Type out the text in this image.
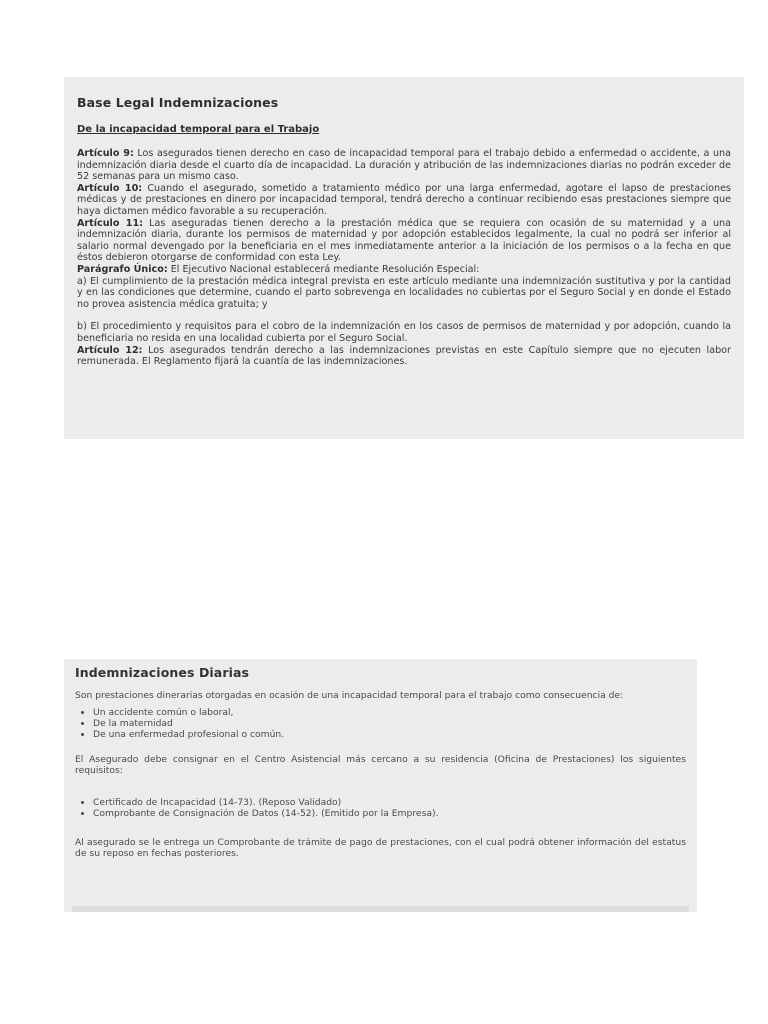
Base Legal Indemnizaciones
De la incapacidad temporal para el Trabajo

Artículo 9: Los asegurados tienen derecho en caso de incapacidad temporal para el trabajo debido a enfermedad o accidente, a una indemnización diaria desde el cuarto día de incapacidad. La duración y atribución de las indemnizaciones diarias no podrán exceder de 52 semanas para un mismo caso.

Artículo 10: Cuando el asegurado, sometido a tratamiento médico por una larga enfermedad, agotare el lapso de prestaciones médicas y de prestaciones en dinero por incapacidad temporal, tendrá derecho a continuar recibiendo esas prestaciones siempre que haya dictamen médico favorable a su recuperación.

Artículo 11: Las aseguradas tienen derecho a la prestación médica que se requiera con ocasión de su maternidad y a una indemnización diaria, durante los permisos de maternidad y por adopción establecidos legalmente, la cual no podrá ser inferior al salario normal devengado por la beneficiaria en el mes inmediatamente anterior a la iniciación de los permisos o a la fecha en que éstos debieron otorgarse de conformidad con esta Ley.

Parágrafo Único: El Ejecutivo Nacional establecerá mediante Resolución Especial:

a) El cumplimiento de la prestación médica integral prevista en este artículo mediante una indemnización sustitutiva y por la cantidad y en las condiciones que determine, cuando el parto sobrevenga en localidades no cubiertas por el Seguro Social y en donde el Estado no provea asistencia médica gratuita; y

b) El procedimiento y requisitos para el cobro de la indemnización en los casos de permisos de maternidad y por adopción, cuando la beneficiaria no resida en una localidad cubierta por el Seguro Social.

Artículo 12: Los asegurados tendrán derecho a las indemnizaciones previstas en este Capítulo siempre que no ejecuten labor remunerada. El Reglamento fijará la cuantía de las indemnizaciones.

Indemnizaciones Diarias

Son prestaciones dinerarias otorgadas en ocasión de una incapacidad temporal para el trabajo como consecuencia de:

• Un accidente común o laboral,
• De la maternidad
• De una enfermedad profesional o común.

El Asegurado debe consignar en el Centro Asistencial más cercano a su residencia (Oficina de Prestaciones) los siguientes requisitos:

• Certificado de Incapacidad (14-73). (Reposo Validado)
• Comprobante de Consignación de Datos (14-52). (Emitido por la Empresa).

Al asegurado se le entrega un Comprobante de trámite de pago de prestaciones, con el cual podrá obtener información del estatus de su reposo en fechas posteriores.
